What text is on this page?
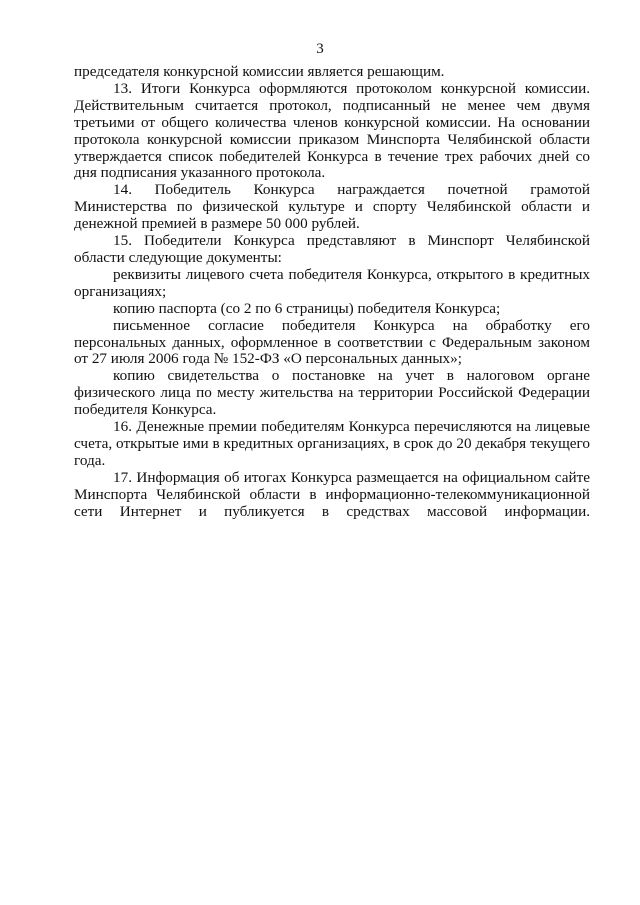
3

председателя конкурсной комиссии является решающим.

13. Итоги Конкурса оформляются протоколом конкурсной комиссии. Действительным считается протокол, подписанный не менее чем двумя третьими от общего количества членов конкурсной комиссии. На основании протокола конкурсной комиссии приказом Минспорта Челябинской области утверждается список победителей Конкурса в течение трех рабочих дней со дня подписания указанного протокола.

14. Победитель Конкурса награждается почетной грамотой Министерства по физической культуре и спорту Челябинской области и денежной премией в размере 50 000 рублей.

15. Победители Конкурса представляют в Минспорт Челябинской области следующие документы:

реквизиты лицевого счета победителя Конкурса, открытого в кредитных организациях;

копию паспорта (со 2 по 6 страницы) победителя Конкурса;

письменное согласие победителя Конкурса на обработку его персональных данных, оформленное в соответствии с Федеральным законом от 27 июля 2006 года № 152-ФЗ «О персональных данных»;

копию свидетельства о постановке на учет в налоговом органе физического лица по месту жительства на территории Российской Федерации победителя Конкурса.

16. Денежные премии победителям Конкурса перечисляются на лицевые счета, открытые ими в кредитных организациях, в срок до 20 декабря текущего года.

17. Информация об итогах Конкурса размещается на официальном сайте Минспорта Челябинской области в информационно-телекоммуникационной сети Интернет и публикуется в средствах массовой информации.
